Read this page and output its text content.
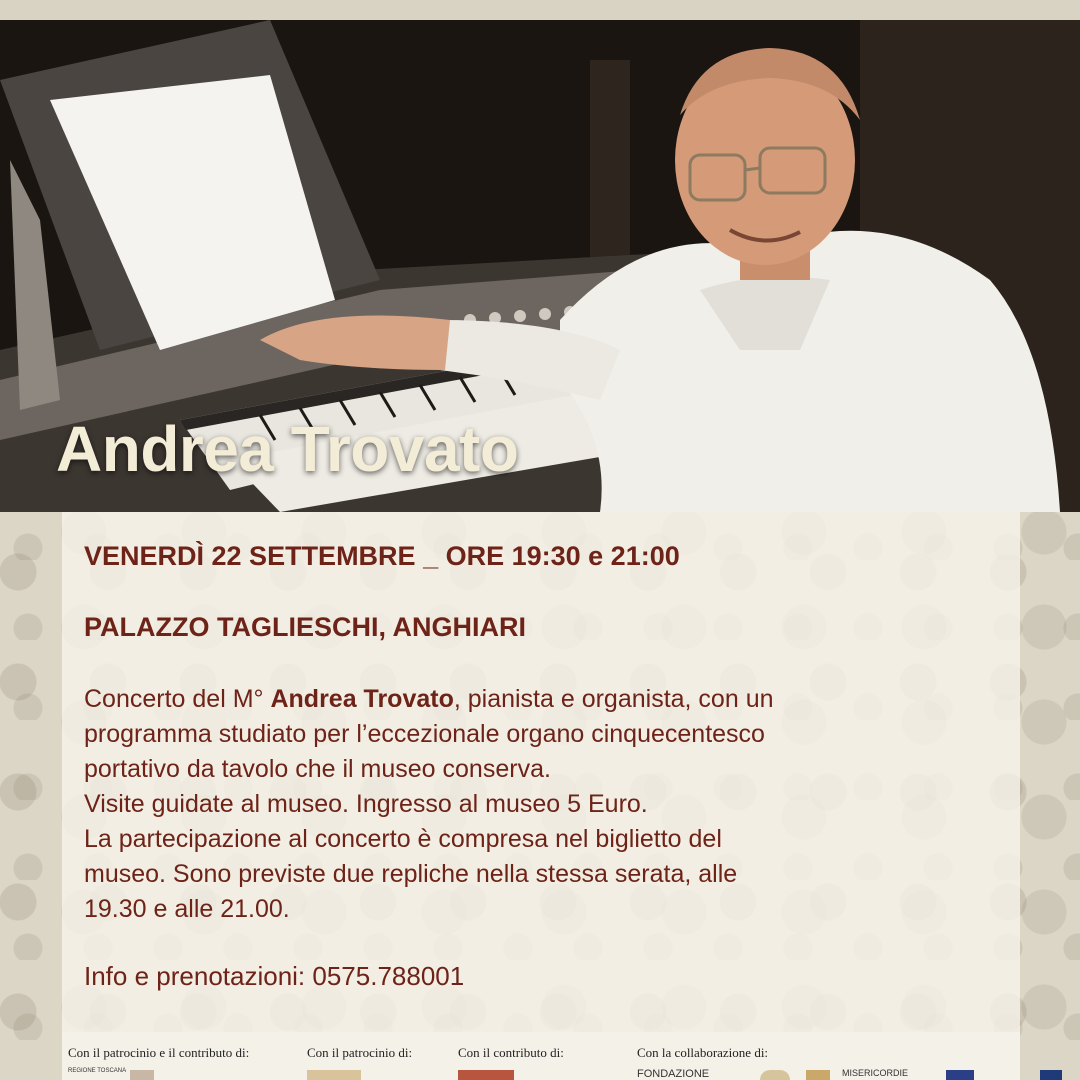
Andrea Trovato
VENERDÌ 22 SETTEMBRE _ ORE 19:30 e 21:00
PALAZZO TAGLIESCHI, ANGHIARI
Concerto del M° Andrea Trovato, pianista e organista, con un
programma studiato per l’eccezionale organo cinquecentesco
portativo da tavolo che il museo conserva.
Visite guidate al museo. Ingresso al museo 5 Euro.
La partecipazione al concerto è compresa nel biglietto del
museo. Sono previste due repliche nella stessa serata, alle
19.30 e alle 21.00.
Info e prenotazioni: 0575.788001
Con il patrocinio e il contributo di:	Con il patrocinio di:	Con il contributo di:	Con la collaborazione di:
REGIONE TOSCANA	FONDAZIONE	MISERICORDIE
